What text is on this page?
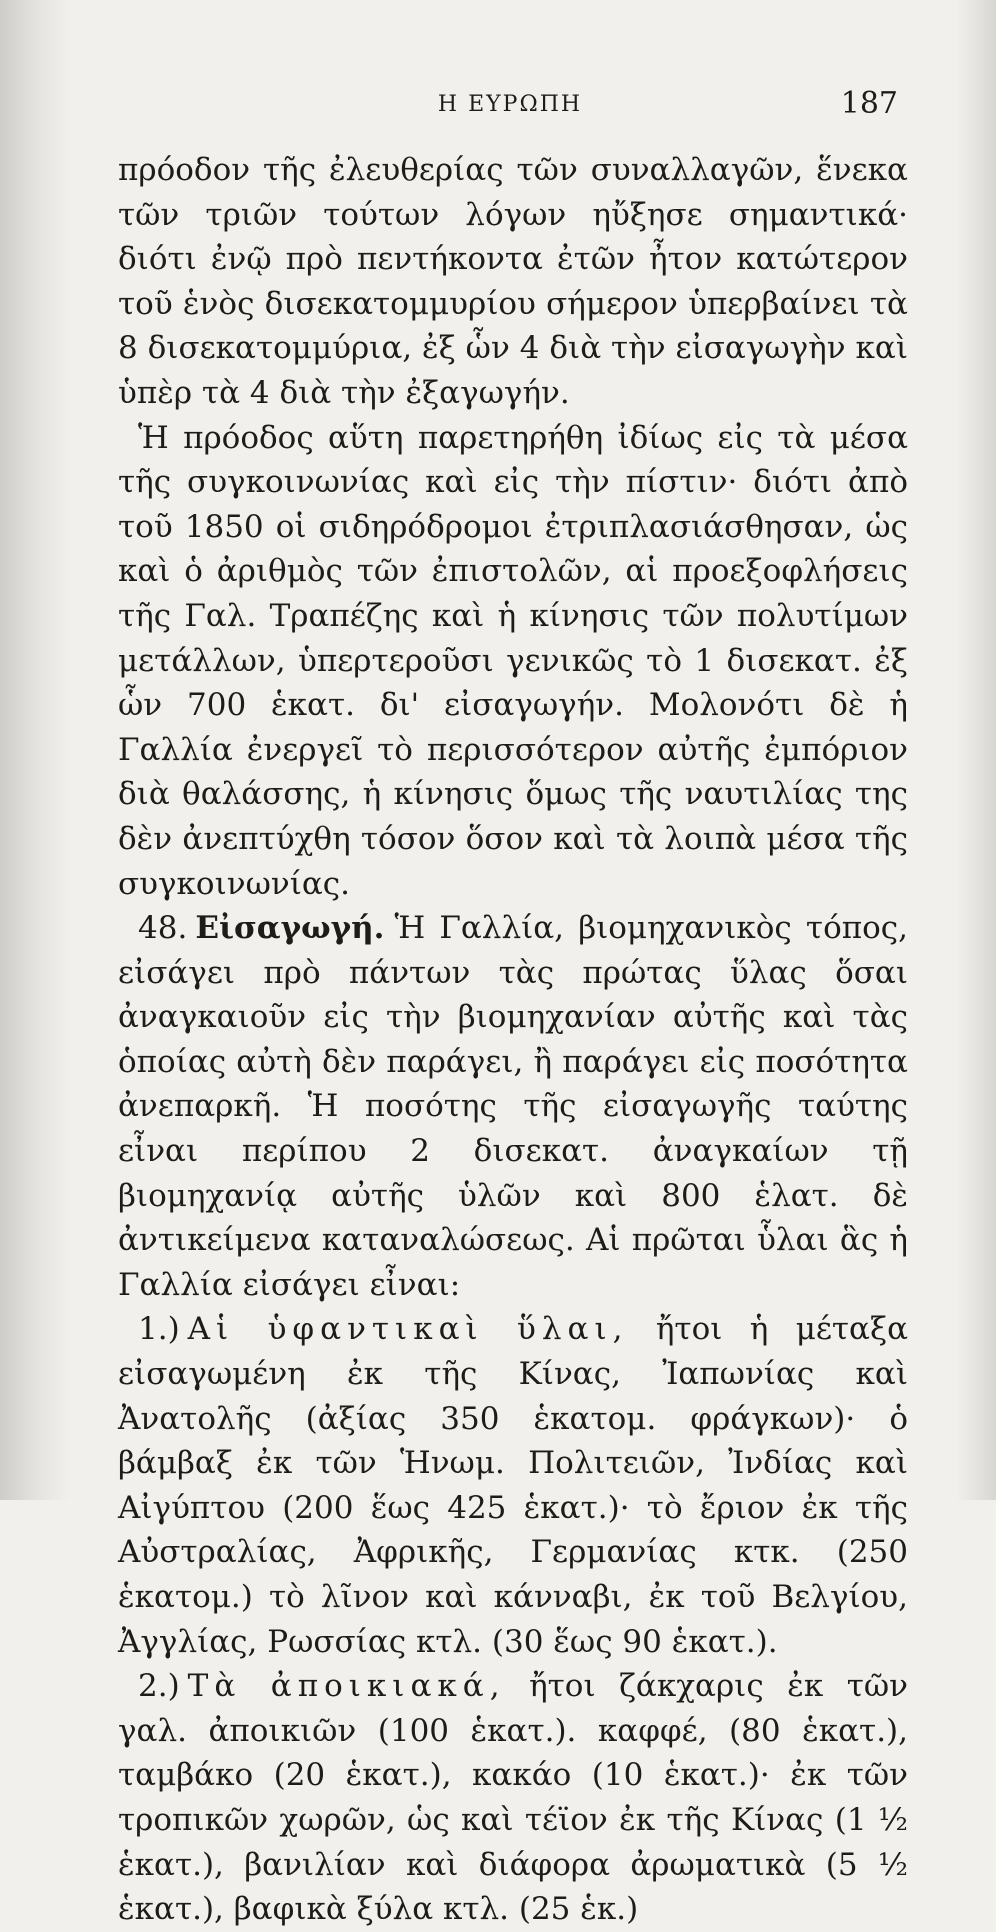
Η ΕΥΡΩΠΗ	187

πρόοδον τῆς ἐλευθερίας τῶν συναλλαγῶν, ἕνεκα τῶν τριῶν τούτων λόγων ηὔξησε σημαντικά· διότι ἐνῷ πρὸ πεντήκοντα ἐτῶν ἦτον κατώτερον τοῦ ἑνὸς δισεκατομμυρίου σήμερον ὑπερβαίνει τὰ 8 δισεκατομμύρια, ἐξ ὧν 4 διὰ τὴν εἰσαγωγὴν καὶ ὑπὲρ τὰ 4 διὰ τὴν ἐξαγωγήν.

Ἡ πρόοδος αὕτη παρετηρήθη ἰδίως εἰς τὰ μέσα τῆς συγκοινωνίας καὶ εἰς τὴν πίστιν· διότι ἀπὸ τοῦ 1850 οἱ σιδηρόδρομοι ἐτριπλασιάσθησαν, ὡς καὶ ὁ ἀριθμὸς τῶν ἐπιστολῶν, αἱ προεξοφλήσεις τῆς Γαλ. Τραπέζης καὶ ἡ κίνησις τῶν πολυτίμων μετάλλων, ὑπερτεροῦσι γενικῶς τὸ 1 δισεκατ. ἐξ ὧν 700 ἑκατ. δι' εἰσαγωγήν. Μολονότι δὲ ἡ Γαλλία ἐνεργεῖ τὸ περισσότερον αὐτῆς ἐμπόριον διὰ θαλάσσης, ἡ κίνησις ὅμως τῆς ναυτιλίας της δὲν ἀνεπτύχθη τόσον ὅσον καὶ τὰ λοιπὰ μέσα τῆς συγκοινωνίας.

48. Εἰσαγωγή. Ἡ Γαλλία, βιομηχανικὸς τόπος, εἰσάγει πρὸ πάντων τὰς πρώτας ὕλας ὅσαι ἀναγκαιοῦν εἰς τὴν βιομηχανίαν αὐτῆς καὶ τὰς ὁποίας αὐτὴ δὲν παράγει, ἢ παράγει εἰς ποσότητα ἀνεπαρκῆ. Ἡ ποσότης τῆς εἰσαγωγῆς ταύτης εἶναι περίπου 2 δισεκατ. ἀναγκαίων τῇ βιομηχανίᾳ αὐτῆς ὑλῶν καὶ 800 ἑλατ. δὲ ἀντικείμενα καταναλώσεως. Αἱ πρῶται ὗλαι ἃς ἡ Γαλλία εἰσάγει εἶναι:

1.) Αἱ ὑφαντικαὶ ὕλαι, ἤτοι ἡ μέταξα εἰσαγωμένη ἐκ τῆς Κίνας, Ἰαπωνίας καὶ Ἀνατολῆς (ἀξίας 350 ἑκατομ. φράγκων)· ὁ βάμβαξ ἐκ τῶν Ἡνωμ. Πολιτειῶν, Ἰνδίας καὶ Αἰγύπτου (200 ἕως 425 ἑκατ.)· τὸ ἔριον ἐκ τῆς Αὐστραλίας, Ἀφρικῆς, Γερμανίας κτκ. (250 ἑκατομ.) τὸ λῖνον καὶ κάνναβι, ἐκ τοῦ Βελγίου, Ἀγγλίας, Ρωσσίας κτλ. (30 ἕως 90 ἑκατ.).

2.) Τὰ ἀποικιακά, ἤτοι ζάκχαρις ἐκ τῶν γαλ. ἀποικιῶν (100 ἑκατ.). καφφέ, (80 ἑκατ.), ταμβάκο (20 ἑκατ.), κακάο (10 ἑκατ.)· ἐκ τῶν τροπικῶν χωρῶν, ὡς καὶ τέϊον ἐκ τῆς Κίνας (1 ½ ἑκατ.), βανιλίαν καὶ διάφορα ἀρωματικὰ (5 ½ ἑκατ.), βαφικὰ ξύλα κτλ. (25 ἑκ.)
